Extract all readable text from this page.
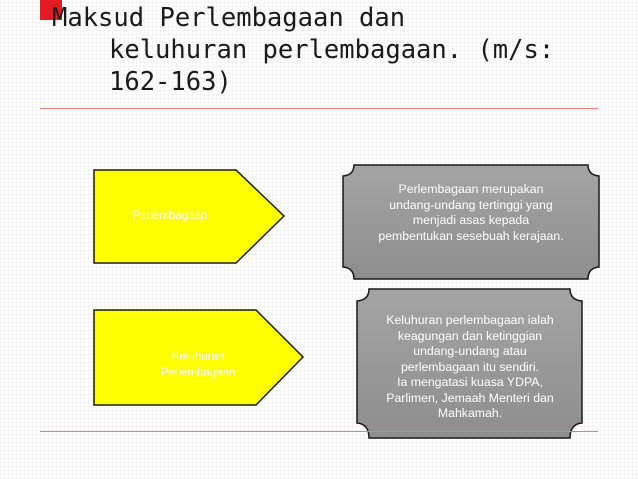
Maksud Perlembagaan dan
keluhuran perlembagaan. (m/s:
162-163)
Perlembagaan
Keluhuran
Perlembagaan
Perlembagaan merupakan
undang-undang tertinggi yang
menjadi asas kepada
pembentukan sesebuah kerajaan.
Keluhuran perlembagaan ialah
keagungan dan ketinggian
undang-undang atau
perlembagaan itu sendiri.
Ia mengatasi kuasa YDPA,
Parlimen, Jemaah Menteri dan
Mahkamah.
